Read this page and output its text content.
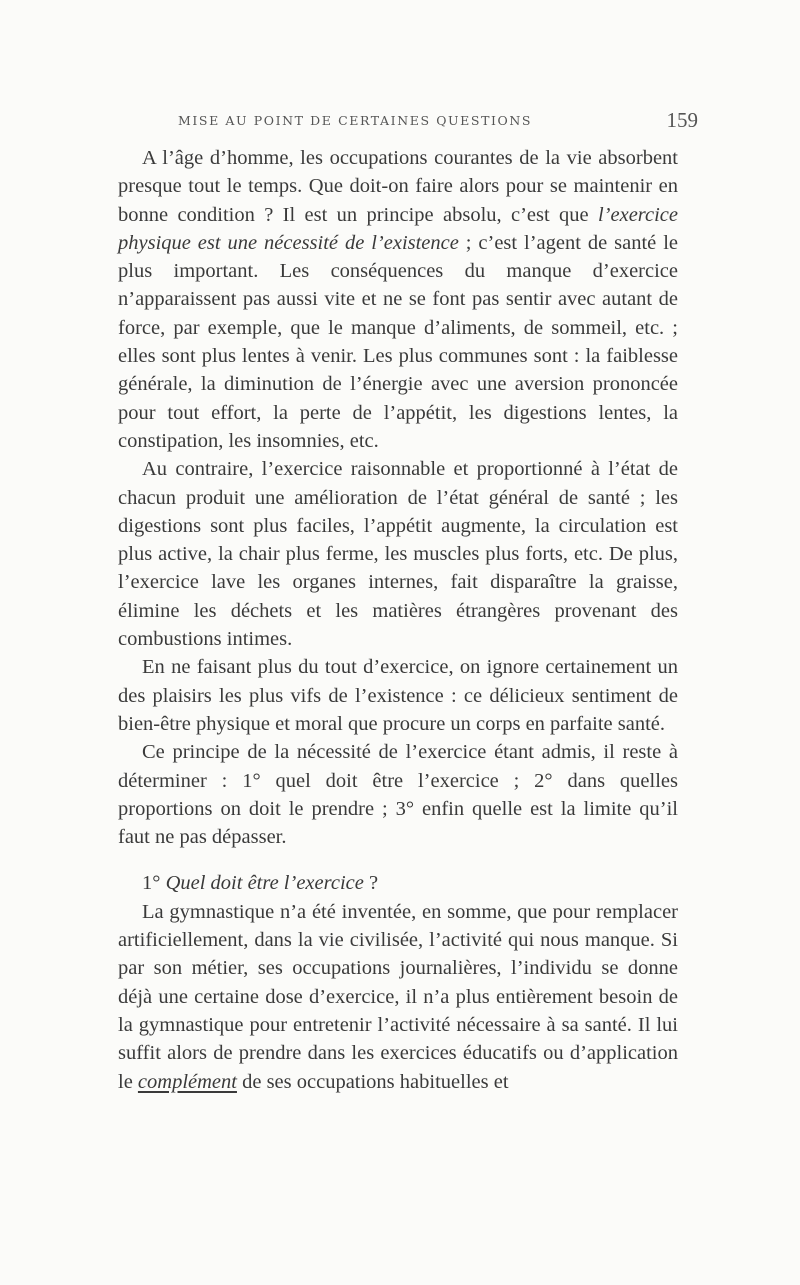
MISE AU POINT DE CERTAINES QUESTIONS	159

A l’âge d’homme, les occupations courantes de la vie absorbent presque tout le temps. Que doit-on faire alors pour se maintenir en bonne condition ? Il est un principe absolu, c’est que l’exercice physique est une nécessité de l’existence ; c’est l’agent de santé le plus important. Les conséquences du manque d’exercice n’apparaissent pas aussi vite et ne se font pas sentir avec autant de force, par exemple, que le manque d’aliments, de sommeil, etc. ; elles sont plus lentes à venir. Les plus communes sont : la faiblesse générale, la diminution de l’énergie avec une aversion prononcée pour tout effort, la perte de l’appétit, les digestions lentes, la constipation, les insomnies, etc.

Au contraire, l’exercice raisonnable et proportionné à l’état de chacun produit une amélioration de l’état général de santé ; les digestions sont plus faciles, l’appétit augmente, la circulation est plus active, la chair plus ferme, les muscles plus forts, etc. De plus, l’exercice lave les organes internes, fait disparaître la graisse, élimine les déchets et les matières étrangères provenant des combustions intimes.

En ne faisant plus du tout d’exercice, on ignore certainement un des plaisirs les plus vifs de l’existence : ce délicieux sentiment de bien-être physique et moral que procure un corps en parfaite santé.

Ce principe de la nécessité de l’exercice étant admis, il reste à déterminer : 1° quel doit être l’exercice ; 2° dans quelles proportions on doit le prendre ; 3° enfin quelle est la limite qu’il faut ne pas dépasser.

1° Quel doit être l’exercice ?

La gymnastique n’a été inventée, en somme, que pour remplacer artificiellement, dans la vie civilisée, l’activité qui nous manque. Si par son métier, ses occupations journalières, l’individu se donne déjà une certaine dose d’exercice, il n’a plus entièrement besoin de la gymnastique pour entretenir l’activité nécessaire à sa santé. Il lui suffit alors de prendre dans les exercices éducatifs ou d’application le complément de ses occupations habituelles et
